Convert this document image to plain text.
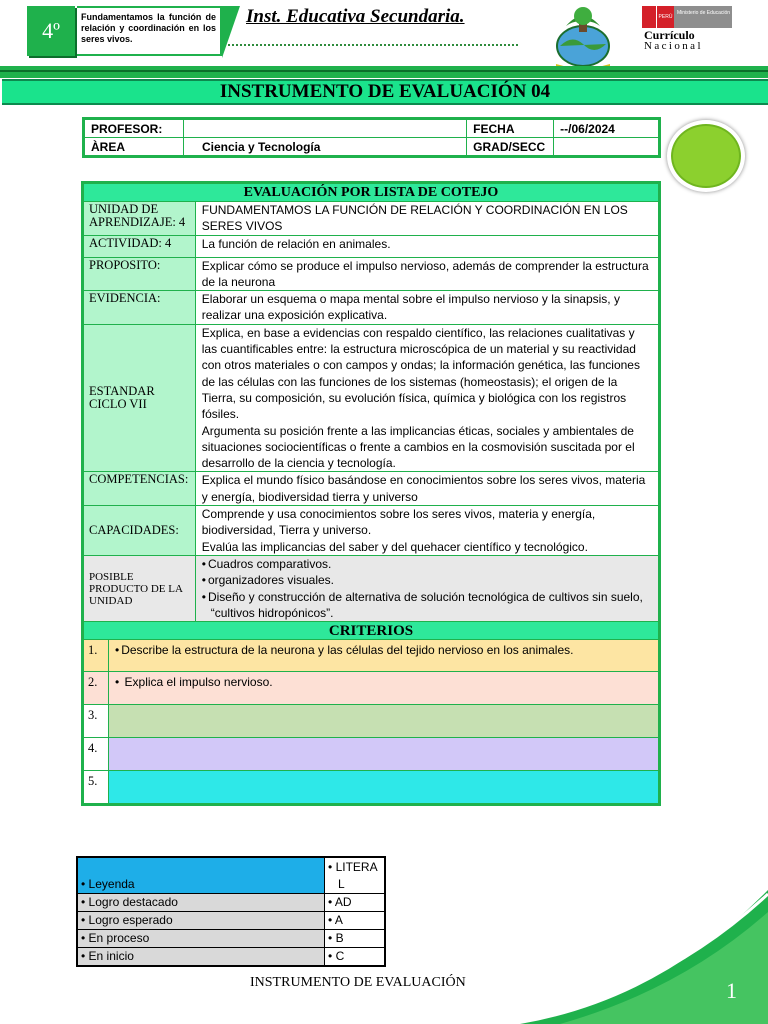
4º
Fundamentamos la función de relación y coordinación en los seres vivos.
Inst. Educativa Secundaria.	PERÚ
Ministerio de Educación
Currículo
Nacional
INSTRUMENTO DE EVALUACIÓN 04
PROFESOR:		FECHA	--/06/2024
ÀREA	Ciencia y Tecnología	GRAD/SECC	
EVALUACIÓN POR LISTA DE COTEJO		
UNIDAD DE APRENDIZAJE: 4		FUNDAMENTAMOS LA FUNCIÓN DE RELACIÓN Y COORDINACIÓN EN LOS SERES VIVOS
ACTIVIDAD: 4		La función de relación en animales.
PROPOSITO:		Explicar cómo se produce el impulso nervioso, además de comprender la estructura de la neurona
EVIDENCIA:		Elaborar un esquema o mapa mental sobre el impulso nervioso y la sinapsis, y realizar una exposición explicativa.
ESTANDAR CICLO VII		Explica, en base a evidencias con respaldo científico, las relaciones cualitativas y las cuantificables entre: la estructura microscópica de un material y su reactividad con otros materiales o con campos y ondas; la información genética, las funciones de las células con las funciones de los sistemas (homeostasis); el origen de la Tierra, su composición, su evolución física, química y biológica con los registros fósiles.
Argumenta su posición frente a las implicancias éticas, sociales y ambientales de situaciones sociocientíficas o frente a cambios en la cosmovisión suscitada por el desarrollo de la ciencia y tecnología.

COMPETENCIAS:		Explica el mundo físico basándose en conocimientos sobre los seres vivos, materia y energía, biodiversidad tierra y universo
CAPACIDADES:		Comprende y usa conocimientos sobre los seres vivos, materia y energía, biodiversidad, Tierra y universo.
Evalúa las implicancias del saber y del quehacer científico y tecnológico.

POSIBLE PRODUCTO DE LA UNIDAD		• Cuadros comparativos.
• organizadores visuales.
• Diseño y construcción de alternativa de solución tecnológica de cultivos sin suelo, “cultivos hidropónicos”.

CRITERIOS		
1.	• Describe la estructura de la neurona y las células del tejido nervioso en los animales.

2.	• Explica el impulso nervioso.

3.		
4.		
5.		
• Leyenda	• LITERA
L
• Logro destacado	• AD
• Logro esperado	• A
• En proceso	• B
• En inicio	• C
INSTRUMENTO DE EVALUACIÓN	1
